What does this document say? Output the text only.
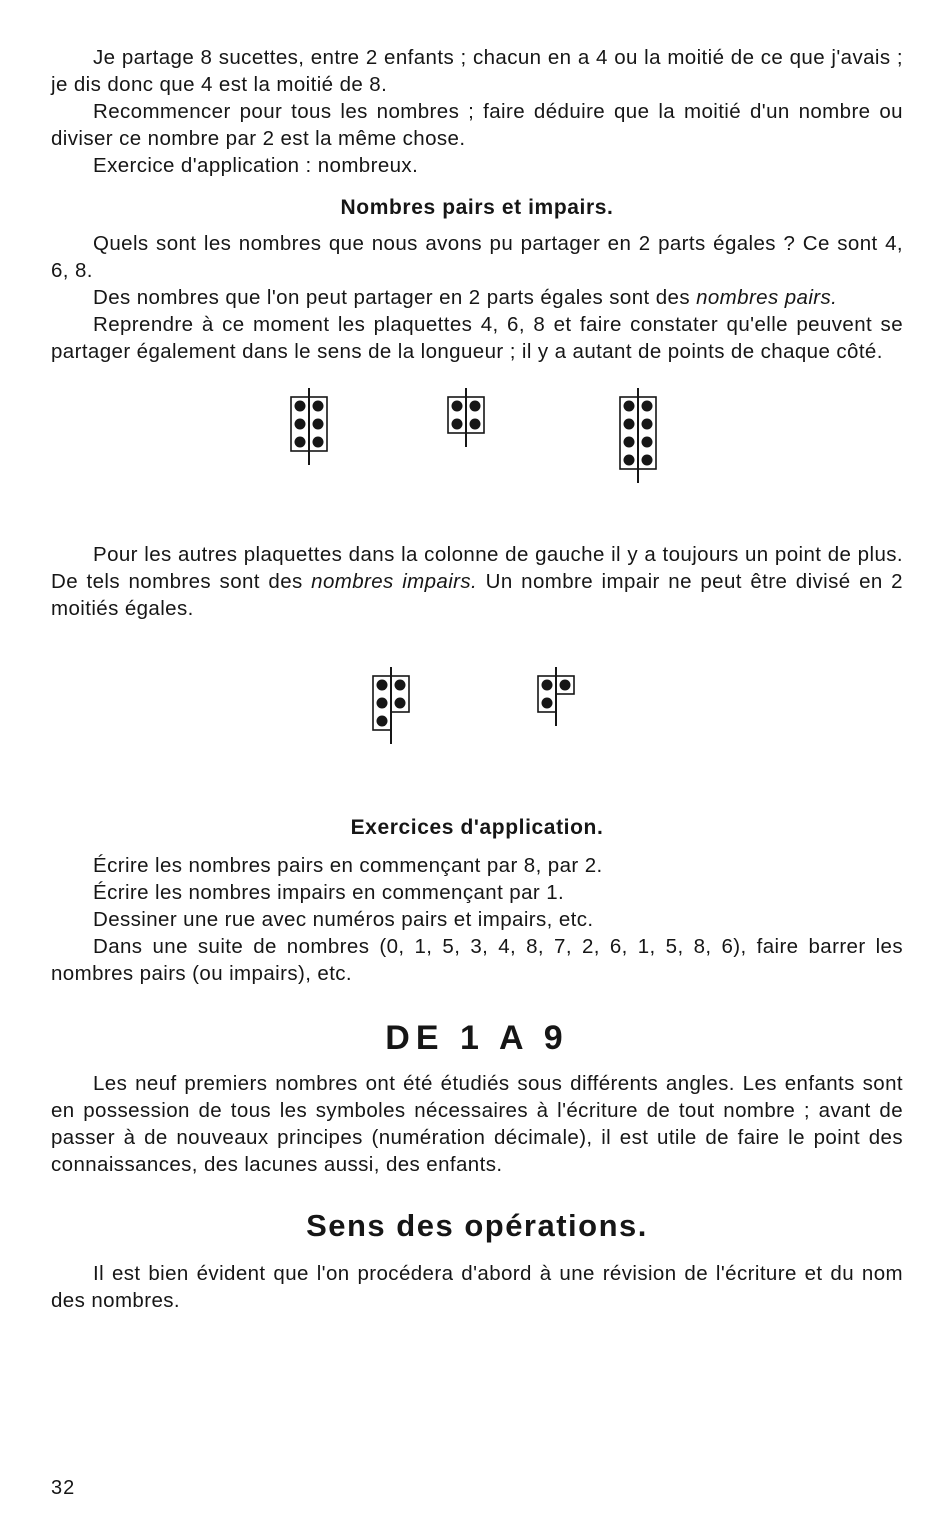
Je partage 8 sucettes, entre 2 enfants ; chacun en a 4 ou la moitié de ce que j'avais ; je dis donc que 4 est la moitié de 8.

Recommencer pour tous les nombres ; faire déduire que la moitié d'un nombre ou diviser ce nombre par 2 est la même chose.

Exercice d'application : nombreux.

Nombres pairs et impairs.

Quels sont les nombres que nous avons pu partager en 2 parts égales ? Ce sont 4, 6, 8.

Des nombres que l'on peut partager en 2 parts égales sont des nombres pairs.

Reprendre à ce moment les plaquettes 4, 6, 8 et faire constater qu'elle peuvent se partager également dans le sens de la longueur ; il y a autant de points de chaque côté.

Pour les autres plaquettes dans la colonne de gauche il y a toujours un point de plus. De tels nombres sont des nombres impairs. Un nombre impair ne peut être divisé en 2 moitiés égales.

Exercices d'application.

Écrire les nombres pairs en commençant par 8, par 2.

Écrire les nombres impairs en commençant par 1.

Dessiner une rue avec numéros pairs et impairs, etc.

Dans une suite de nombres (0, 1, 5, 3, 4, 8, 7, 2, 6, 1, 5, 8, 6), faire barrer les nombres pairs (ou impairs), etc.

DE 1 A 9

Les neuf premiers nombres ont été étudiés sous différents angles. Les enfants sont en possession de tous les symboles nécessaires à l'écriture de tout nombre ; avant de passer à de nouveaux principes (numération décimale), il est utile de faire le point des connaissances, des lacunes aussi, des enfants.

Sens des opérations.

Il est bien évident que l'on procédera d'abord à une révision de l'écriture et du nom des nombres.

32
